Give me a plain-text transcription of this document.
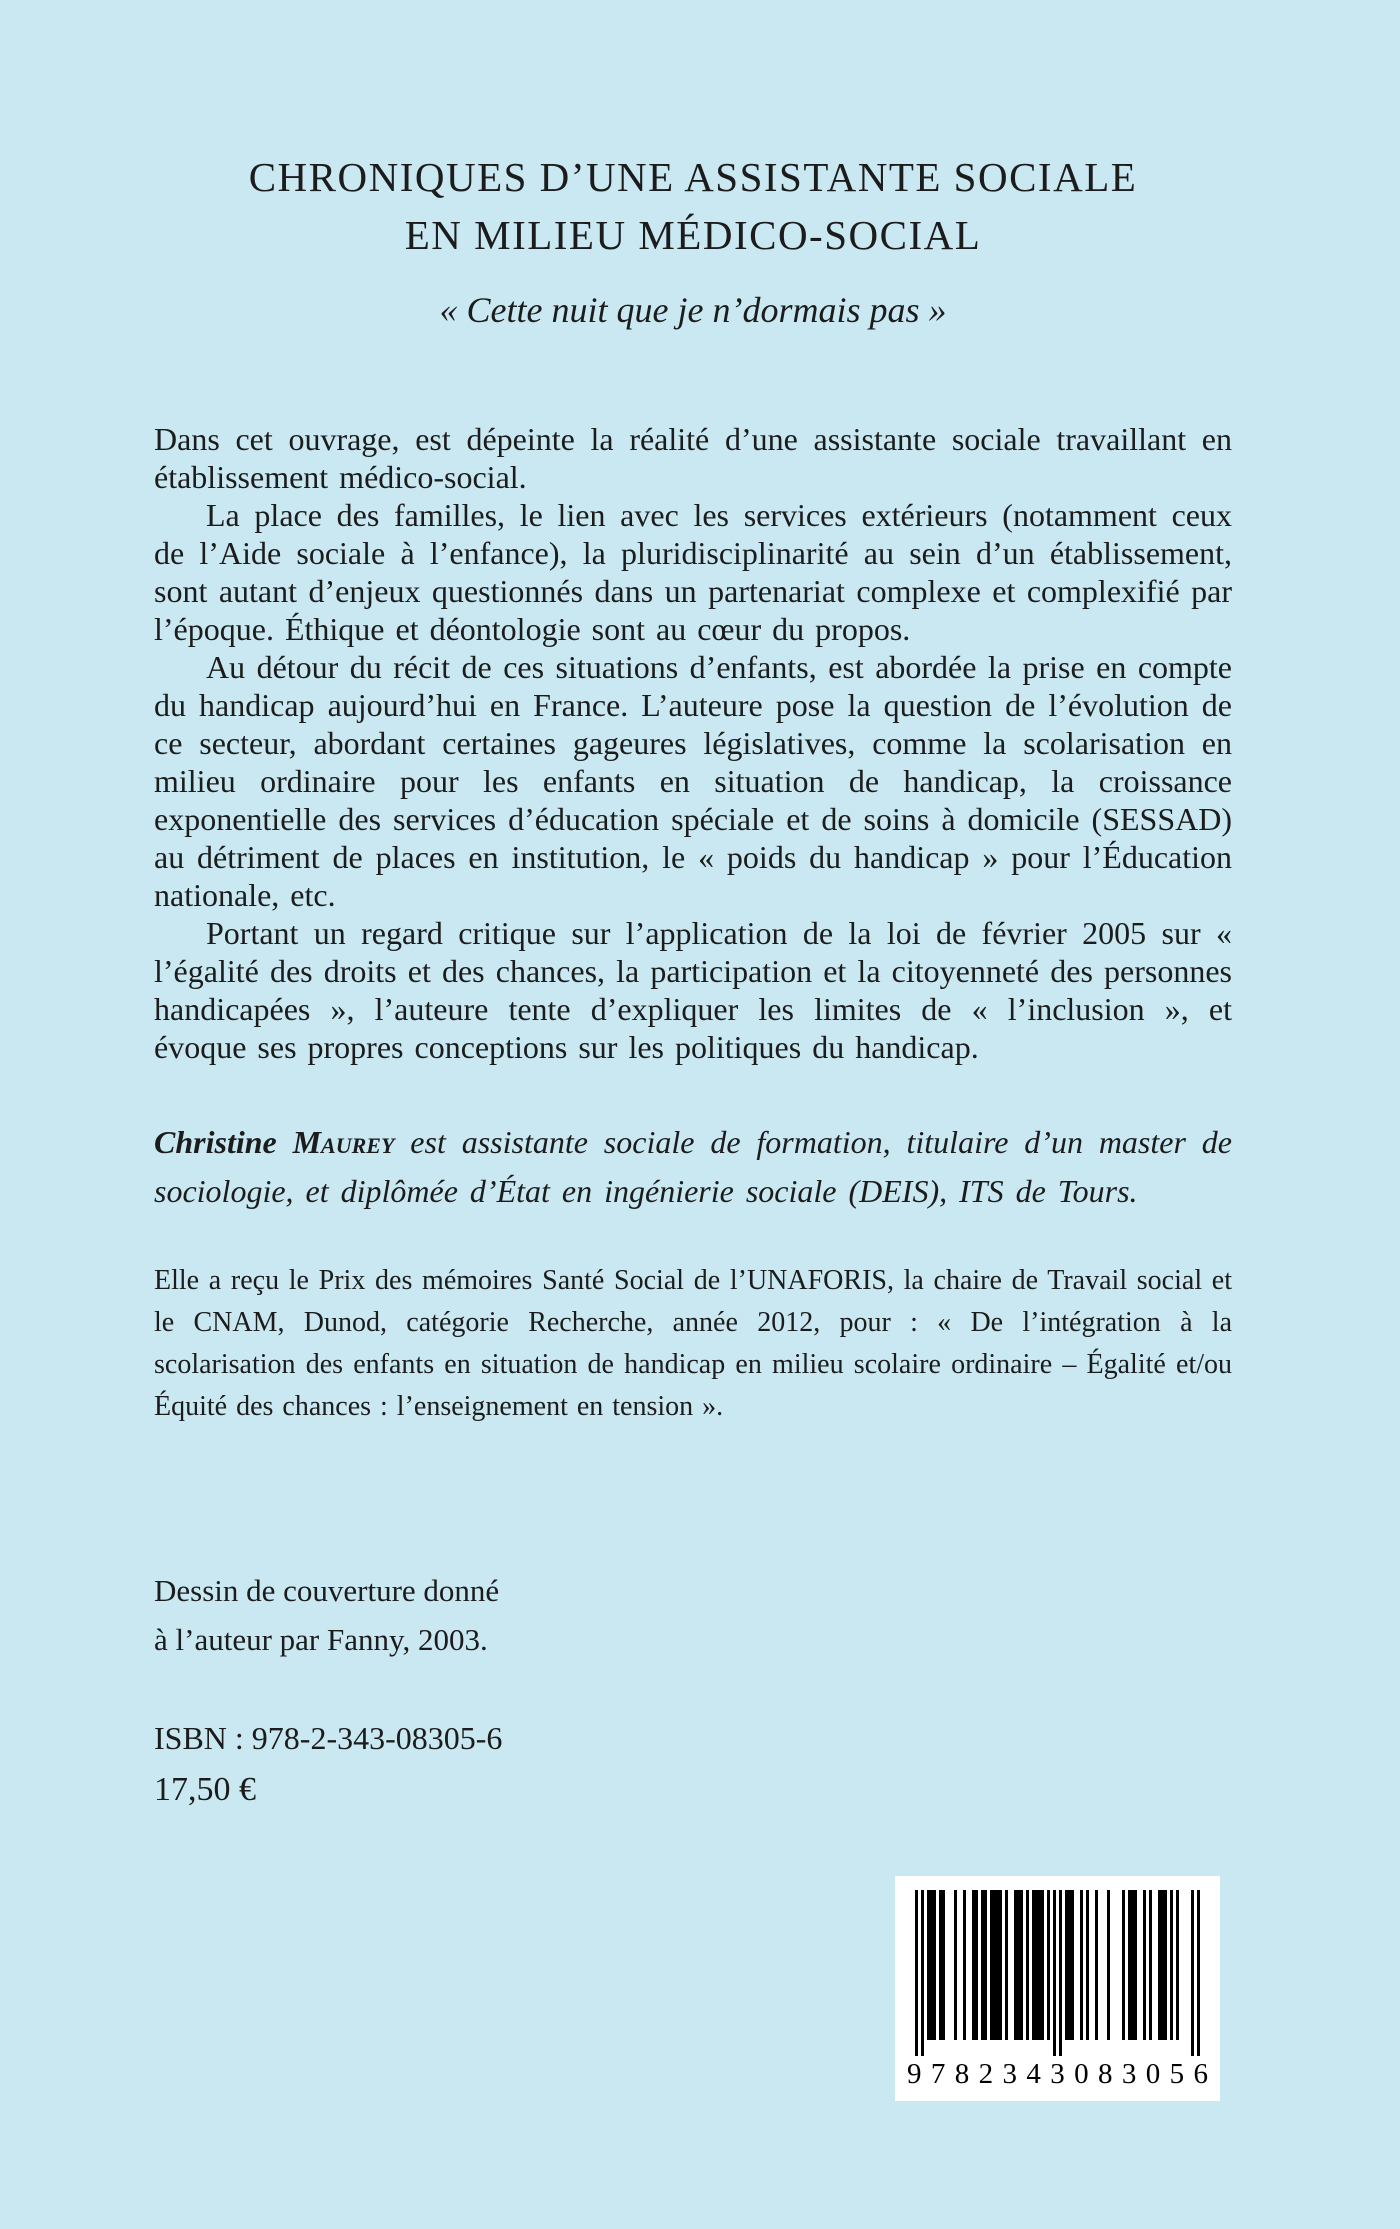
CHRONIQUES D’UNE ASSISTANTE SOCIALE
EN MILIEU MÉDICO-SOCIAL
« Cette nuit que je n’dormais pas »

Dans cet ouvrage, est dépeinte la réalité d’une assistante sociale travaillant en établissement médico-social.

La place des familles, le lien avec les services extérieurs (notamment ceux de l’Aide sociale à l’enfance), la pluridisciplinarité au sein d’un établissement, sont autant d’enjeux questionnés dans un partenariat complexe et complexifié par l’époque. Éthique et déontologie sont au cœur du propos.

Au détour du récit de ces situations d’enfants, est abordée la prise en compte du handicap aujourd’hui en France. L’auteure pose la question de l’évolution de ce secteur, abordant certaines gageures législatives, comme la scolarisation en milieu ordinaire pour les enfants en situation de handicap, la croissance exponentielle des services d’éducation spéciale et de soins à domicile (SESSAD) au détriment de places en institution, le « poids du handicap » pour l’Éducation nationale, etc.

Portant un regard critique sur l’application de la loi de février 2005 sur « l’égalité des droits et des chances, la participation et la citoyenneté des personnes handicapées », l’auteure tente d’expliquer les limites de « l’inclusion », et évoque ses propres conceptions sur les politiques du handicap.

Christine Maurey est assistante sociale de formation, titulaire d’un master de sociologie, et diplômée d’État en ingénierie sociale (DEIS), ITS de Tours.

Elle a reçu le Prix des mémoires Santé Social de l’UNAFORIS, la chaire de Travail social et le CNAM, Dunod, catégorie Recherche, année 2012, pour : « De l’intégration à la scolarisation des enfants en situation de handicap en milieu scolaire ordinaire – Égalité et/ou Équité des chances : l’enseignement en tension ».

Dessin de couverture donné
à l’auteur par Fanny, 2003.
ISBN : 978-2-343-08305-6
17,50 €
9 7 8 2 3 4 3 0 8 3 0 5 6
